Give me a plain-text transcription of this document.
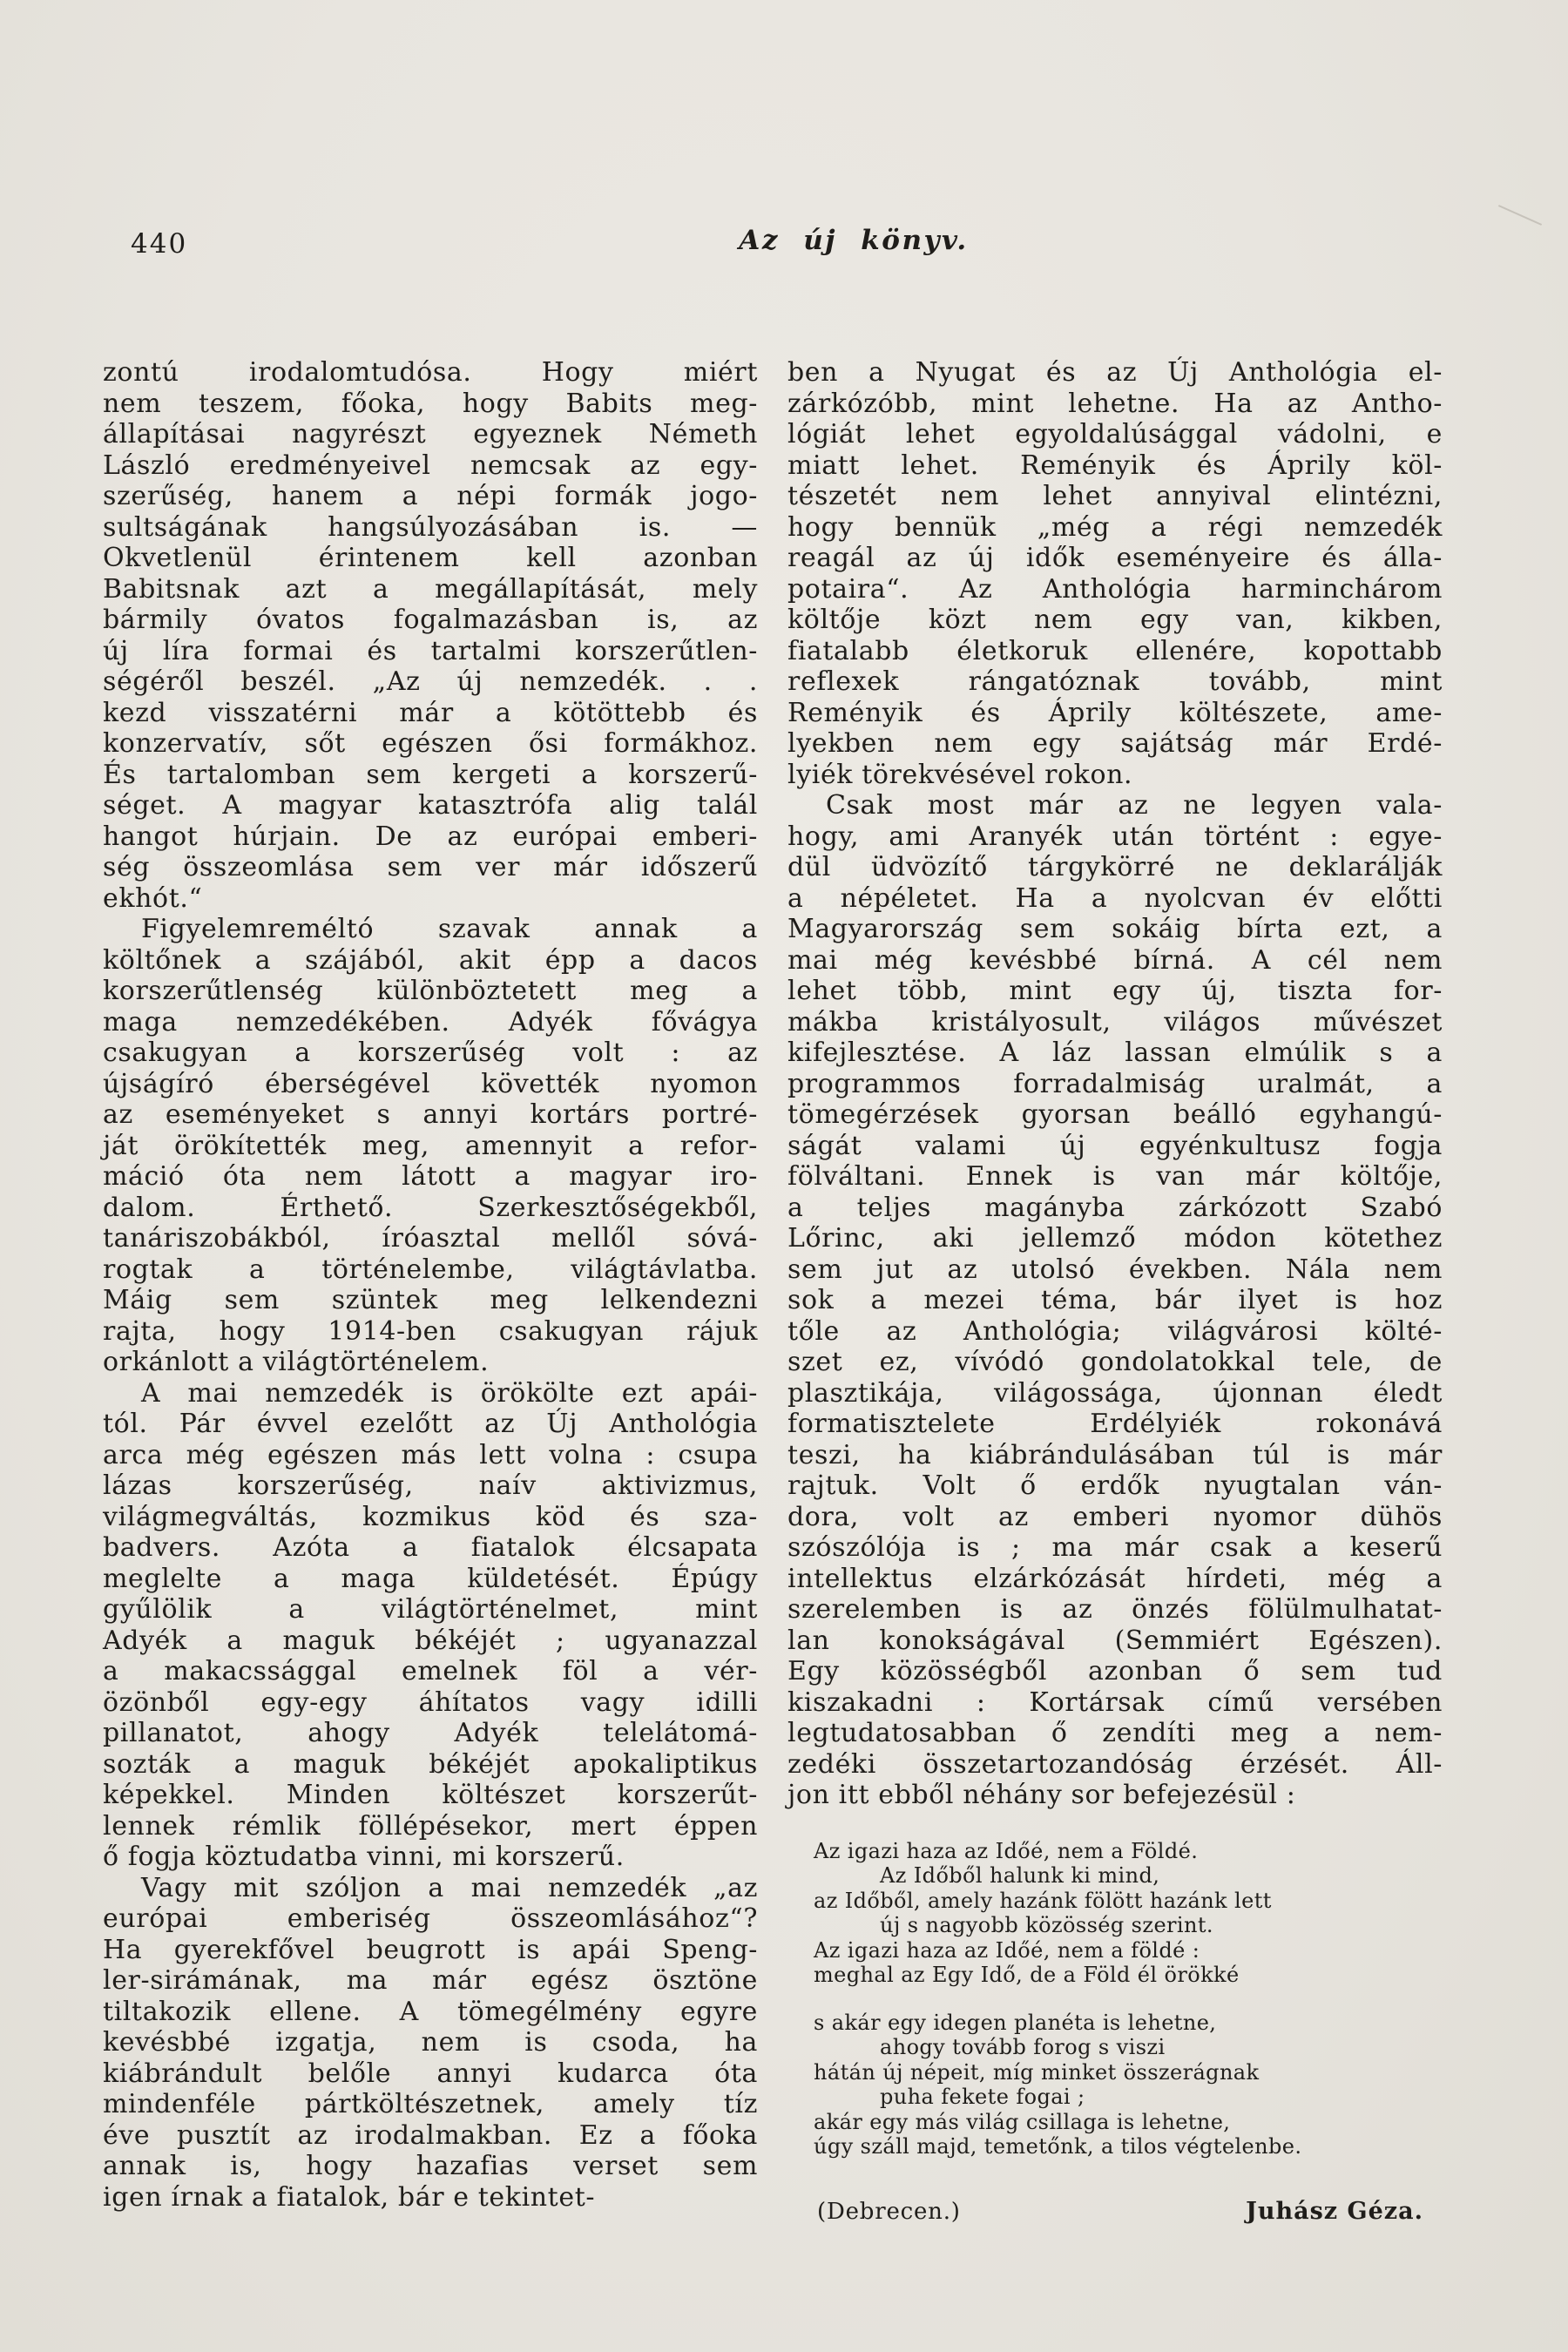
440	Az új könyv.

zontú irodalomtudósa. Hogy miért
nem teszem, főoka, hogy Babits meg-
állapításai nagyrészt egyeznek Németh
László eredményeivel nemcsak az egy-
szerűség, hanem a népi formák jogo-
sultságának hangsúlyozásában is. —
Okvetlenül érintenem kell azonban
Babitsnak azt a megállapítását, mely
bármily óvatos fogalmazásban is, az
új líra formai és tartalmi korszerűtlen-
ségéről beszél. „Az új nemzedék. . .
kezd visszatérni már a kötöttebb és
konzervatív, sőt egészen ősi formákhoz.
És tartalomban sem kergeti a korszerű-
séget. A magyar katasztrófa alig talál
hangot húrjain. De az európai emberi-
ség összeomlása sem ver már időszerű
ekhót.“

Figyelemreméltó szavak annak a
költőnek a szájából, akit épp a dacos
korszerűtlenség különböztetett meg a
maga nemzedékében. Adyék fővágya
csakugyan a korszerűség volt : az
újságíró éberségével követték nyomon
az eseményeket s annyi kortárs portré-
ját örökítették meg, amennyit a refor-
máció óta nem látott a magyar iro-
dalom. Érthető. Szerkesztőségekből,
tanáriszobákból, íróasztal mellől sóvá-
rogtak a történelembe, világtávlatba.
Máig sem szüntek meg lelkendezni
rajta, hogy 1914-ben csakugyan rájuk
orkánlott a világtörténelem.

A mai nemzedék is örökölte ezt apái-
tól. Pár évvel ezelőtt az Új Anthológia
arca még egészen más lett volna : csupa
lázas korszerűség, naív aktivizmus,
világmegváltás, kozmikus köd és sza-
badvers. Azóta a fiatalok élcsapata
meglelte a maga küldetését. Épúgy
gyűlölik a világtörténelmet, mint
Adyék a maguk békéjét ; ugyanazzal
a makacssággal emelnek föl a vér-
özönből egy-egy áhítatos vagy idilli
pillanatot, ahogy Adyék telelátomá-
sozták a maguk békéjét apokaliptikus
képekkel. Minden költészet korszerűt-
lennek rémlik föllépésekor, mert éppen
ő fogja köztudatba vinni, mi korszerű.

Vagy mit szóljon a mai nemzedék „az
európai emberiség összeomlásához“?
Ha gyerekfővel beugrott is apái Speng-
ler-sirámának, ma már egész ösztöne
tiltakozik ellene. A tömegélmény egyre
kevésbbé izgatja, nem is csoda, ha
kiábrándult belőle annyi kudarca óta
mindenféle pártköltészetnek, amely tíz
éve pusztít az irodalmakban. Ez a főoka
annak is, hogy hazafias verset sem
igen írnak a fiatalok, bár e tekintet-

ben a Nyugat és az Új Anthológia el-
zárkózóbb, mint lehetne. Ha az Antho-
lógiát lehet egyoldalúsággal vádolni, e
miatt lehet. Reményik és Áprily köl-
tészetét nem lehet annyival elintézni,
hogy bennük „még a régi nemzedék
reagál az új idők eseményeire és álla-
potaira“. Az Anthológia harminchárom
költője közt nem egy van, kikben,
fiatalabb életkoruk ellenére, kopottabb
reflexek rángatóznak tovább, mint
Reményik és Áprily költészete, ame-
lyekben nem egy sajátság már Erdé-
lyiék törekvésével rokon.

Csak most már az ne legyen vala-
hogy, ami Aranyék után történt : egye-
dül üdvözítő tárgykörré ne deklarálják
a népéletet. Ha a nyolcvan év előtti
Magyarország sem sokáig bírta ezt, a
mai még kevésbbé bírná. A cél nem
lehet több, mint egy új, tiszta for-
mákba kristályosult, világos művészet
kifejlesztése. A láz lassan elmúlik s a
programmos forradalmiság uralmát, a
tömegérzések gyorsan beálló egyhangú-
ságát valami új egyénkultusz fogja
fölváltani. Ennek is van már költője,
a teljes magányba zárkózott Szabó
Lőrinc, aki jellemző módon kötethez
sem jut az utolsó években. Nála nem
sok a mezei téma, bár ilyet is hoz
tőle az Anthológia; világvárosi költé-
szet ez, vívódó gondolatokkal tele, de
plasztikája, világossága, újonnan éledt
formatisztelete Erdélyiék rokonává
teszi, ha kiábrándulásában túl is már
rajtuk. Volt ő erdők nyugtalan ván-
dora, volt az emberi nyomor dühös
szószólója is ; ma már csak a keserű
intellektus elzárkózását hírdeti, még a
szerelemben is az önzés fölülmulhatat-
lan konokságával (Semmiért Egészen).
Egy közösségből azonban ő sem tud
kiszakadni : Kortársak című versében
legtudatosabban ő zendíti meg a nem-
zedéki összetartozandóság érzését. Áll-
jon itt ebből néhány sor befejezésül :

Az igazi haza az Időé, nem a Földé.
Az Időből halunk ki mind,
az Időből, amely hazánk fölött hazánk lett
új s nagyobb közösség szerint.
Az igazi haza az Időé, nem a földé :
meghal az Egy Idő, de a Föld él örökké
s akár egy idegen planéta is lehetne,
ahogy tovább forog s viszi
hátán új népeit, míg minket összerágnak
puha fekete fogai ;
akár egy más világ csillaga is lehetne,
úgy száll majd, temetőnk, a tilos végtelenbe.
(Debrecen.)	Juhász Géza.
